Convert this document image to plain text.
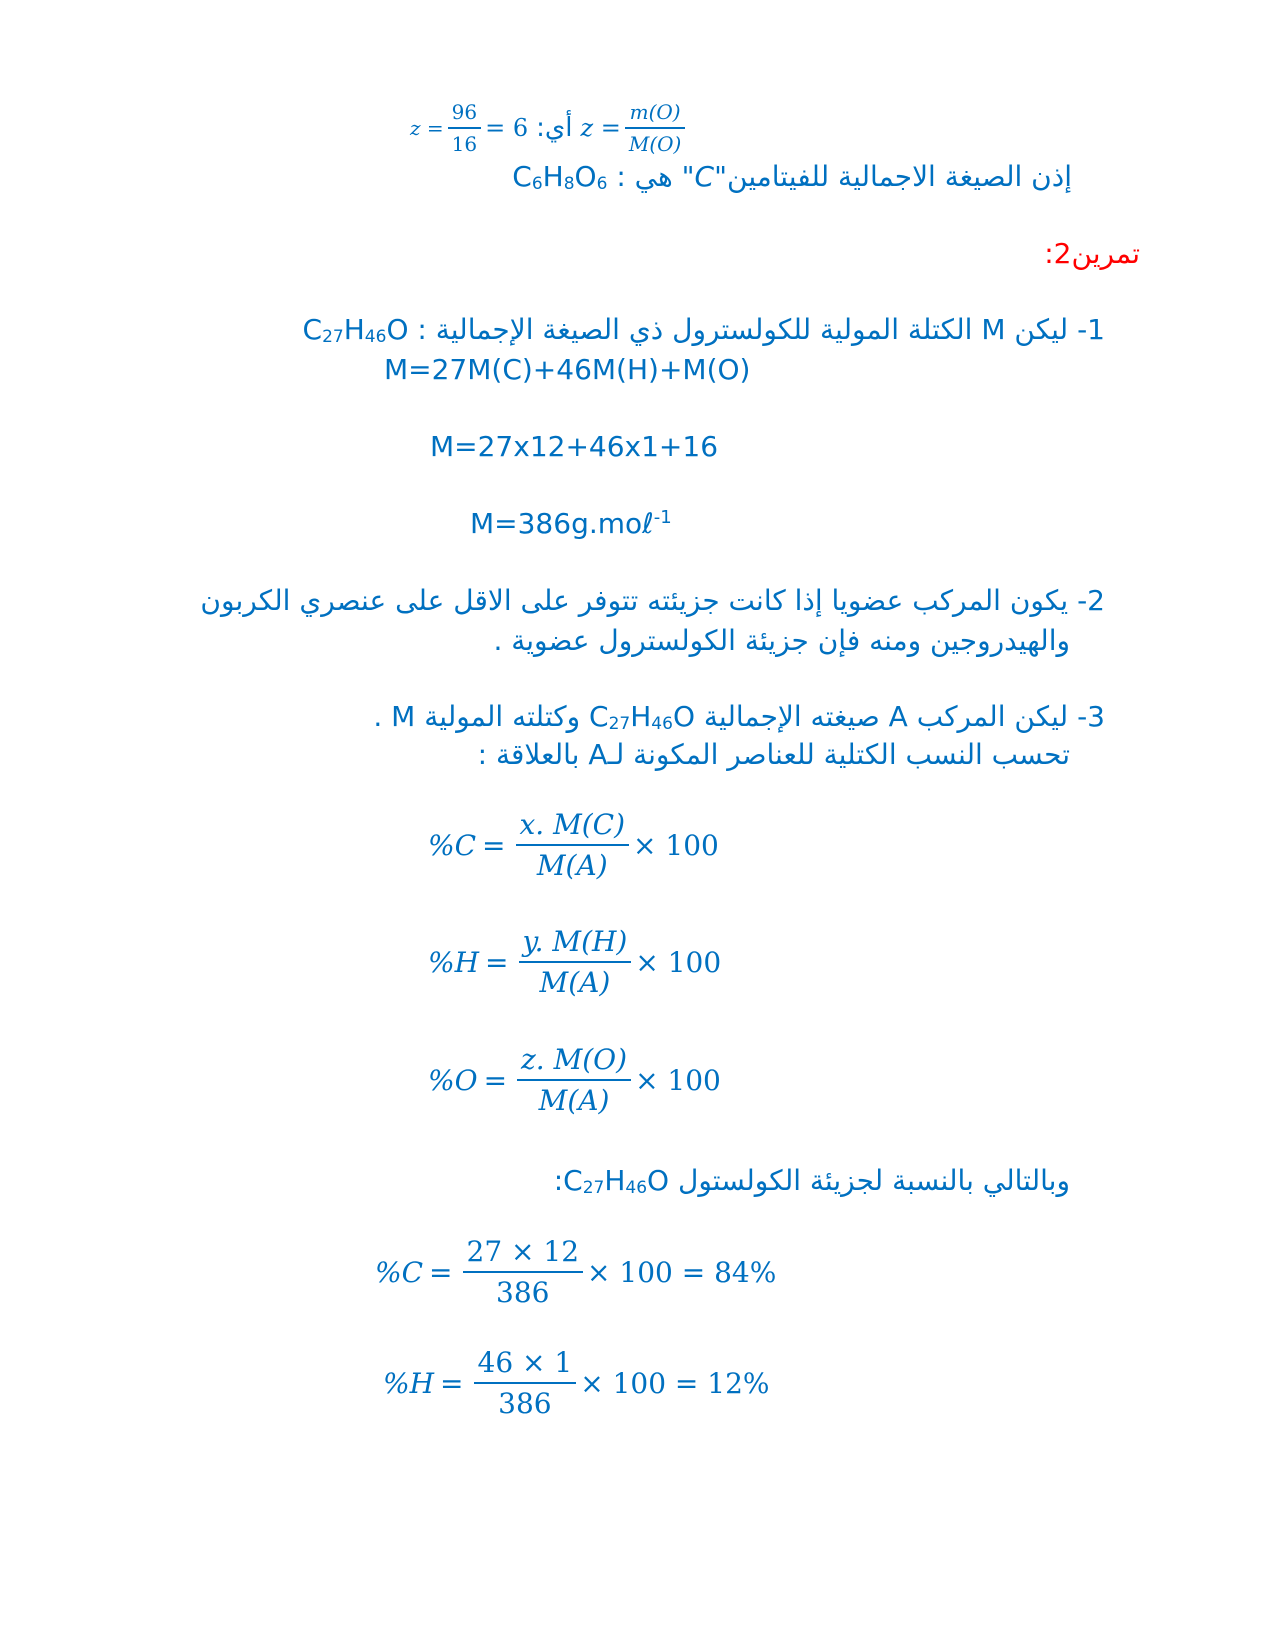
$z = \frac{96}{16} = 6$ أي: $z = \frac{m(O)}{M(O)}$
إذن الصيغة الاجمالية للفيتامين"C" هي : $C_6H_8O_6$
تمرين2:
1- ليكن M الكتلة المولية للكولسترول ذي الصيغة الإجمالية : $C_{27}H_{46}O$
M=27M(C)+46M(H)+M(O)
M=27x12+46x1+16
M=386g.moℓ$^{-1}$
2- يكون المركب عضويا إذا كانت جزيئته تتوفر على الاقل على عنصري الكربون
والهيدروجين ومنه فإن جزيئة الكولسترول عضوية .
3- ليكن المركب A صيغته الإجمالية $C_{27}H_{46}O$ وكتلته المولية M .
تحسب النسب الكتلية للعناصر المكونة لـA بالعلاقة :
$\%C = \frac{x. M(C)}{M(A)} \times 100$
$\%H = \frac{y. M(H)}{M(A)} \times 100$
$\%O = \frac{z. M(O)}{M(A)} \times 100$
وبالتالي بالنسبة لجزيئة الكولستول $C_{27}H_{46}O$:
$\%C = \frac{27 \times 12}{386} \times 100 = 84\%$
$\%H = \frac{46 \times 1}{386} \times 100 = 12\%$
